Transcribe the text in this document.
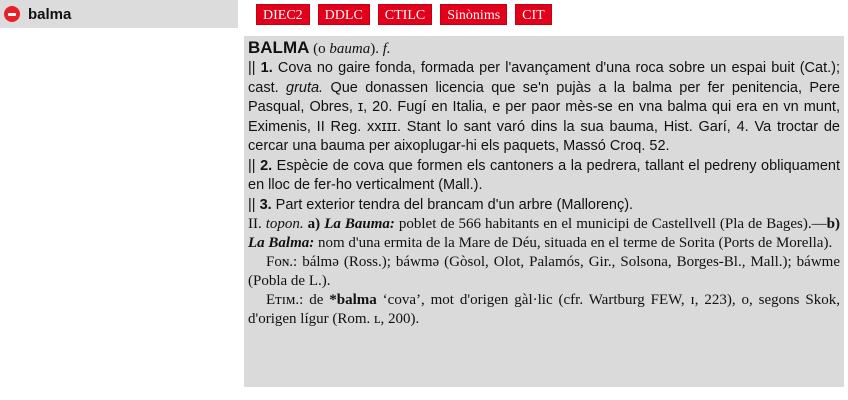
balma	DIEC2	DDLC	CTILC	Sinònims	CIT

BALMA (o bauma). f.

|| 1. Cova no gaire fonda, formada per l'avançament d'una roca sobre un espai buit (Cat.); cast. gruta. Que donassen licencia que se'n pujàs a la balma per fer penitencia, Pere Pasqual, Obres, ɪ, 20. Fugí en Italia, e per paor mès-se en vna balma qui era en vn munt, Eximenis, II Reg. xxɪɪɪ. Stant lo sant varó dins la sua bauma, Hist. Garí, 4. Va troctar de cercar una bauma per aixoplugar-hi els paquets, Massó Croq. 52.

|| 2. Espècie de cova que formen els cantoners a la pedrera, tallant el pedreny obliquament en lloc de fer-ho verticalment (Mall.).

|| 3. Part exterior tendra del brancam d'un arbre (Mallorenç).

II. topon. a) La Bauma: poblet de 566 habitants en el municipi de Castellvell (Pla de Bages).—b) La Balma: nom d'una ermita de la Mare de Déu, situada en el terme de Sorita (Ports de Morella).

Fᴏɴ.: bálmə (Ross.); báwmə (Gòsol, Olot, Palamós, Gir., Solsona, Borges-Bl., Mall.); báwme (Pobla de L.).

Eᴛɪᴍ.: de *balma ‘cova’, mot d'origen gàl·lic (cfr. Wartburg FEW, ɪ, 223), o, segons Skok, d'origen lígur (Rom. ʟ, 200).
